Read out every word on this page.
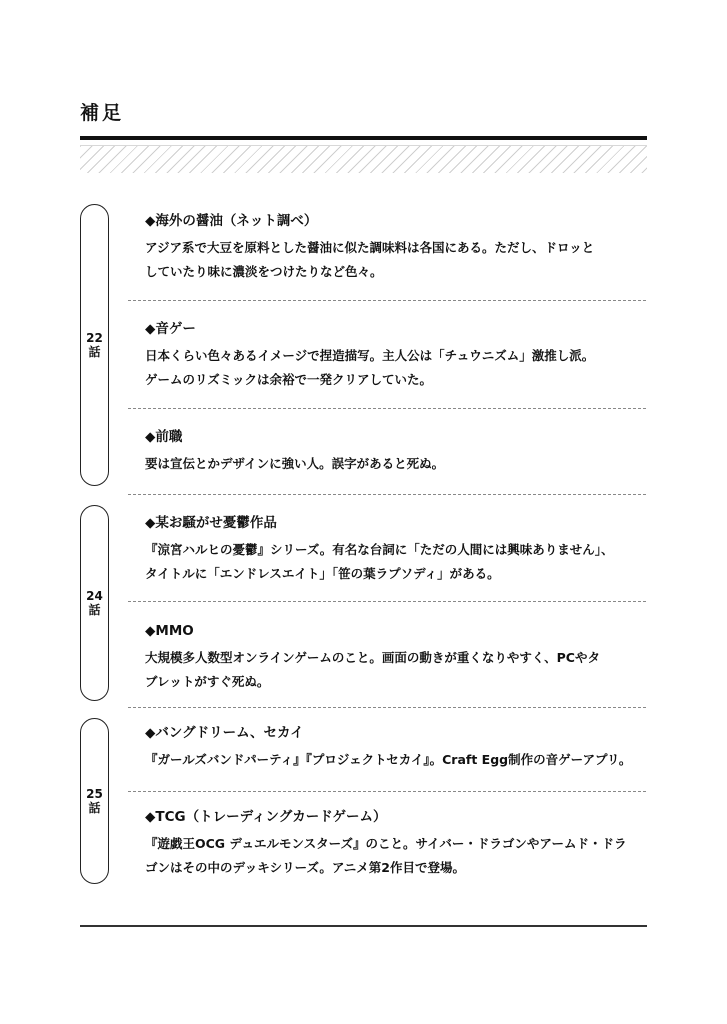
補足
22
話
24
話
25
話
◆海外の醤油（ネット調べ）
アジア系で大豆を原料とした醤油に似た調味料は各国にある。ただし、ドロッと
していたり味に濃淡をつけたりなど色々。
◆音ゲー
日本くらい色々あるイメージで捏造描写。主人公は「チュウニズム」激推し派。
ゲームのリズミックは余裕で一発クリアしていた。
◆前職
要は宣伝とかデザインに強い人。誤字があると死ぬ。
◆某お騒がせ憂鬱作品
『涼宮ハルヒの憂鬱』シリーズ。有名な台詞に「ただの人間には興味ありません」、
タイトルに「エンドレスエイト」「笹の葉ラプソディ」がある。
◆MMO
大規模多人数型オンラインゲームのこと。画面の動きが重くなりやすく、PCやタ
ブレットがすぐ死ぬ。
◆バングドリーム、セカイ
『ガールズバンドパーティ』『プロジェクトセカイ』。Craft Egg制作の音ゲーアプリ。
◆TCG（トレーディングカードゲーム）
『遊戯王OCG デュエルモンスターズ』のこと。サイバー・ドラゴンやアームド・ドラ
ゴンはその中のデッキシリーズ。アニメ第2作目で登場。
